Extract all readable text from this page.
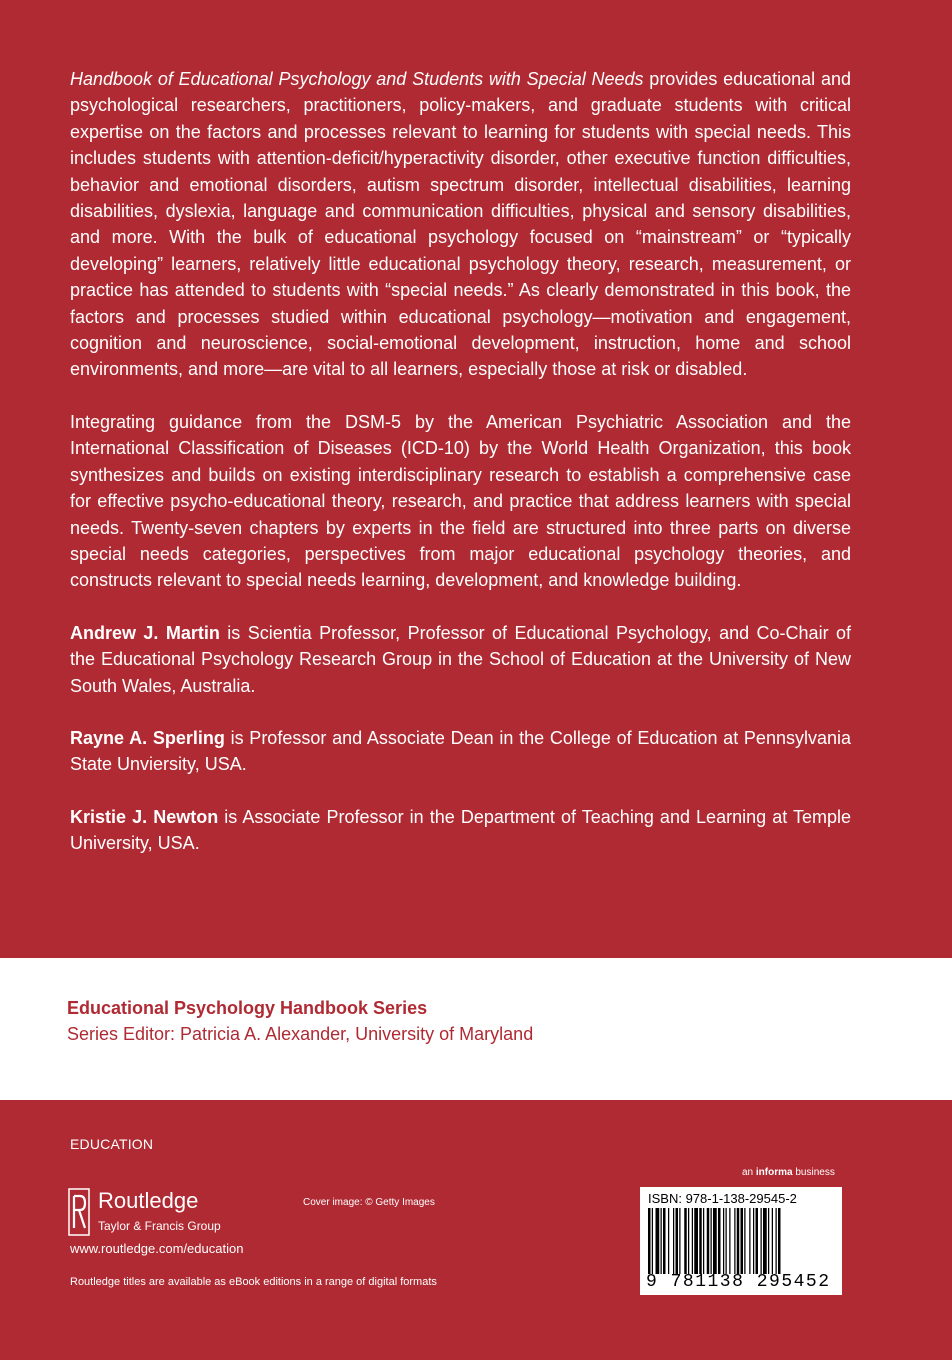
Handbook of Educational Psychology and Students with Special Needs provides educational and psychological researchers, practitioners, policy-makers, and graduate students with critical expertise on the factors and processes relevant to learning for students with special needs. This includes students with attention-deficit/hyperactivity disorder, other executive function difficulties, behavior and emotional disorders, autism spectrum disorder, intellectual disabilities, learning disabilities, dyslexia, language and communication difficulties, physical and sensory disabilities, and more. With the bulk of educational psychology focused on “mainstream” or “typically developing” learners, relatively little educational psychology theory, research, measurement, or practice has attended to students with “special needs.” As clearly demonstrated in this book, the factors and processes studied within educational psychology—motivation and engagement, cognition and neuroscience, social-emotional development, instruction, home and school environments, and more—are vital to all learners, especially those at risk or disabled.

Integrating guidance from the DSM-5 by the American Psychiatric Association and the International Classification of Diseases (ICD-10) by the World Health Organization, this book synthesizes and builds on existing interdisciplinary research to establish a comprehensive case for effective psycho-educational theory, research, and practice that address learners with special needs. Twenty-seven chapters by experts in the field are structured into three parts on diverse special needs categories, perspectives from major educational psychology theories, and constructs relevant to special needs learning, development, and knowledge building.

Andrew J. Martin is Scientia Professor, Professor of Educational Psychology, and Co-Chair of the Educational Psychology Research Group in the School of Education at the University of New South Wales, Australia.

Rayne A. Sperling is Professor and Associate Dean in the College of Education at Pennsylvania State Unviersity, USA.

Kristie J. Newton is Associate Professor in the Department of Teaching and Learning at Temple University, USA.

Educational Psychology Handbook Series
Series Editor: Patricia A. Alexander, University of Maryland
EDUCATION
Routledge
Taylor & Francis Group
www.routledge.com/education
Routledge titles are available as eBook editions in a range of digital formats
Cover image: © Getty Images
an informa business
ISBN: 978-1-138-29545-2
9 781138 295452
